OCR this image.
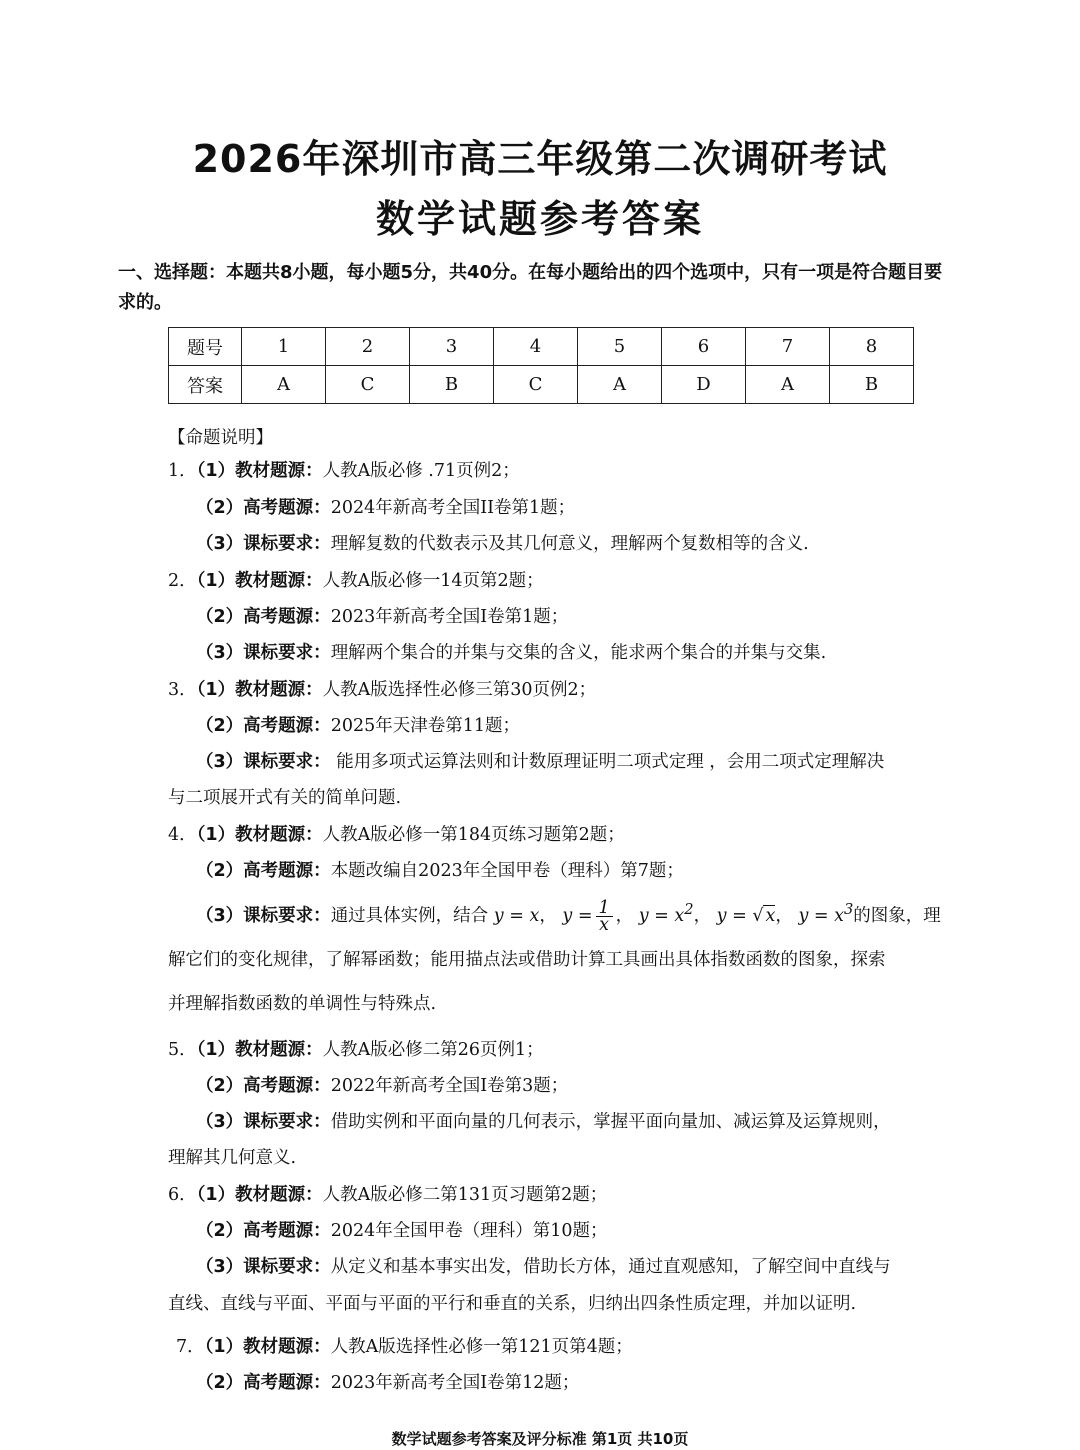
2026年深圳市高三年级第二次调研考试
数学试题参考答案
一、选择题：本题共8小题，每小题5分，共40分。在每小题给出的四个选项中，只有一项是符合题目要求的。
题号	1	2	3	4	5	6	7	8
答案	A	C	B	C	A	D	A	B
【命题说明】
1．（1）教材题源：人教A版必修 .71页例2；
（2）高考题源：2024年新高考全国II卷第1题；
（3）课标要求：理解复数的代数表示及其几何意义，理解两个复数相等的含义.
2．（1）教材题源：人教A版必修一14页第2题；
（2）高考题源：2023年新高考全国I卷第1题；
（3）课标要求：理解两个集合的并集与交集的含义，能求两个集合的并集与交集.
3．（1）教材题源：人教A版选择性必修三第30页例2；
（2）高考题源：2025年天津卷第11题；
（3）课标要求： 能用多项式运算法则和计数原理证明二项式定理 ，会用二项式定理解决
与二项展开式有关的简单问题.
4．（1）教材题源：人教A版必修一第184页练习题第2题；
（2）高考题源：本题改编自2023年全国甲卷（理科）第7题；
（3）课标要求：通过具体实例，结合 y = x， $y = \frac{1}{x}$ ， $y = x^2$， y = √ x， $y = x^3$的图象，理
解它们的变化规律，了解幂函数；能用描点法或借助计算工具画出具体指数函数的图象，探索
并理解指数函数的单调性与特殊点.
5．（1）教材题源：人教A版必修二第26页例1；
（2）高考题源：2022年新高考全国I卷第3题；
（3）课标要求：借助实例和平面向量的几何表示，掌握平面向量加、减运算及运算规则，
理解其几何意义.
6．（1）教材题源：人教A版必修二第131页习题第2题；
（2）高考题源：2024年全国甲卷（理科）第10题；
（3）课标要求：从定义和基本事实出发，借助长方体，通过直观感知，了解空间中直线与
直线、直线与平面、平面与平面的平行和垂直的关系，归纳出四条性质定理，并加以证明.
7．（1）教材题源：人教A版选择性必修一第121页第4题；
（2）高考题源：2023年新高考全国Ⅰ卷第12题；
数学试题参考答案及评分标准 第1页 共10页
